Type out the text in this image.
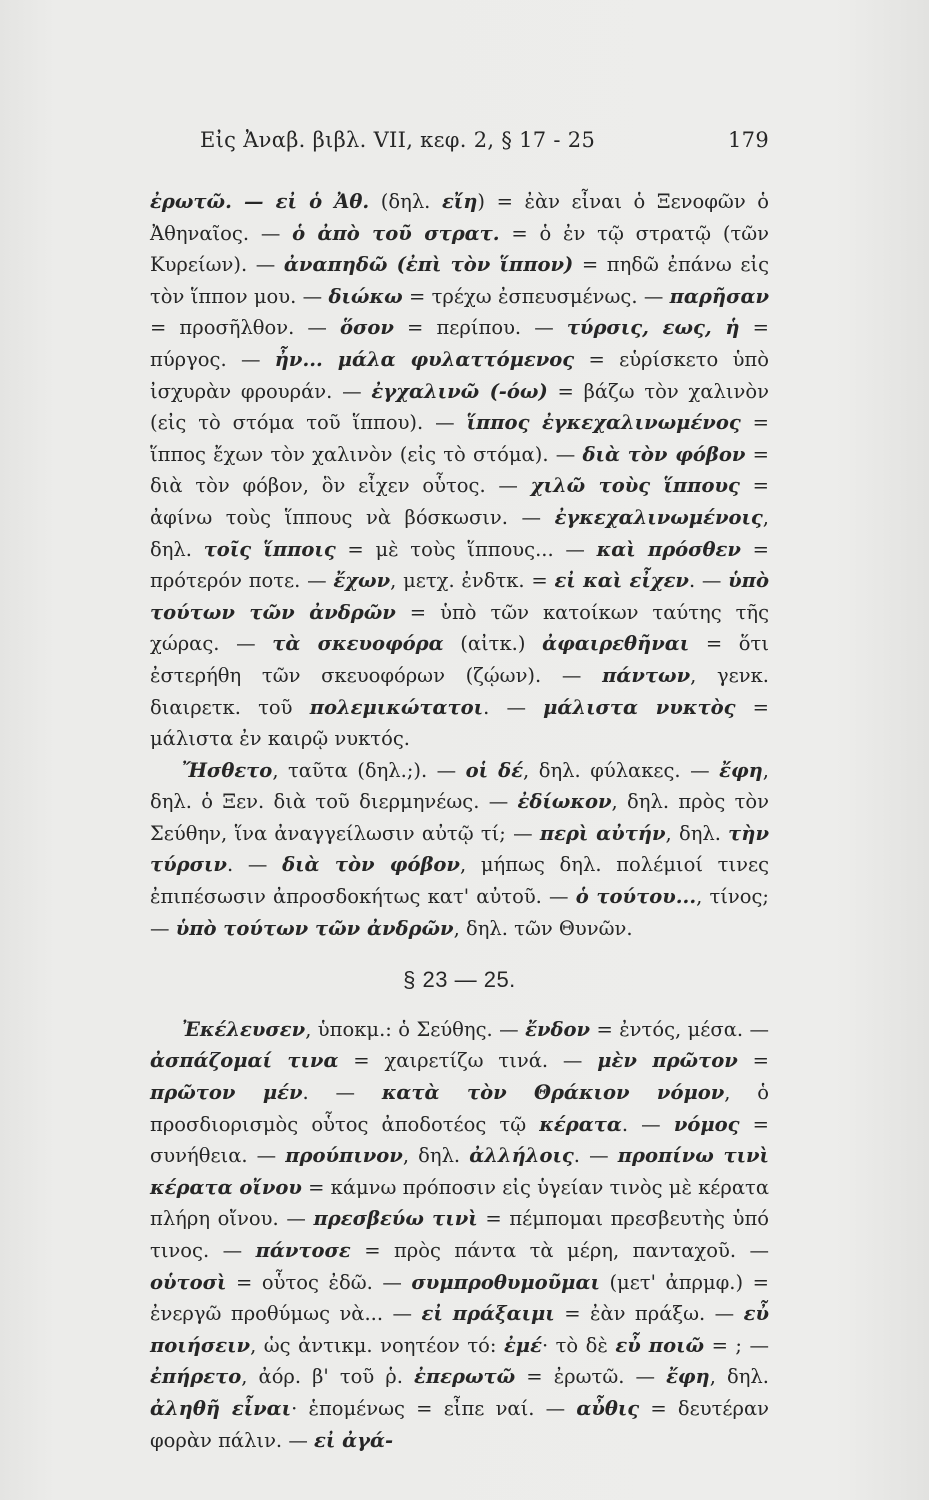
Εἰς Ἀναβ. βιβλ. VII, κεφ. 2, § 17 - 25	179

ἐρωτῶ. — εἰ ὁ Ἀθ. (δηλ. εἴη) = ἐὰν εἶναι ὁ Ξενοφῶν ὁ Ἀθηναῖος. — ὁ ἀπὸ τοῦ στρατ. = ὁ ἐν τῷ στρατῷ (τῶν Κυρείων). — ἀναπηδῶ (ἐπὶ τὸν ἵππον) = πηδῶ ἐπάνω εἰς τὸν ἵππον μου. — διώκω = τρέχω ἐσπευσμένως. — παρῆσαν = προσῆλθον. — ὅσον = περίπου. — τύρσις, εως, ἡ = πύργος. — ἦν... μάλα φυλαττόμενος = εὑρίσκετο ὑπὸ ἰσχυρὰν φρουράν. — ἐγχαλινῶ (-όω) = βάζω τὸν χαλινὸν (εἰς τὸ στόμα τοῦ ἵππου). — ἵππος ἐγκεχαλινωμένος = ἵππος ἔχων τὸν χαλινὸν (εἰς τὸ στόμα). — διὰ τὸν φόβον = διὰ τὸν φόβον, ὃν εἶχεν οὗτος. — χιλῶ τοὺς ἵππους = ἀφίνω τοὺς ἵππους νὰ βόσκωσιν. — ἐγκεχαλινωμένοις, δηλ. τοῖς ἵπποις = μὲ τοὺς ἵππους... — καὶ πρόσθεν = πρότερόν ποτε. — ἔχων, μετχ. ἐνδτκ. = εἰ καὶ εἶχεν. — ὑπὸ τούτων τῶν ἀνδρῶν = ὑπὸ τῶν κατοίκων ταύτης τῆς χώρας. — τὰ σκευοφόρα (αἰτκ.) ἀφαιρεθῆναι = ὅτι ἐστερήθη τῶν σκευοφόρων (ζῴων). — πάντων, γενκ. διαιρετκ. τοῦ πολεμικώτατοι. — μάλιστα νυκτὸς = μάλιστα ἐν καιρῷ νυκτός.

Ἤσθετο, ταῦτα (δηλ.;). — οἱ δέ, δηλ. φύλακες. — ἔφη, δηλ. ὁ Ξεν. διὰ τοῦ διερμηνέως. — ἐδίωκον, δηλ. πρὸς τὸν Σεύθην, ἵνα ἀναγγείλωσιν αὐτῷ τί; — περὶ αὐτήν, δηλ. τὴν τύρσιν. — διὰ τὸν φόβον, μήπως δηλ. πολέμιοί τινες ἐπιπέσωσιν ἀπροσδοκήτως κατ' αὐτοῦ. — ὁ τούτου..., τίνος; — ὑπὸ τούτων τῶν ἀνδρῶν, δηλ. τῶν Θυνῶν.

§ 23 — 25.

Ἐκέλευσεν, ὑποκμ.: ὁ Σεύθης. — ἔνδον = ἐντός, μέσα. — ἀσπάζομαί τινα = χαιρετίζω τινά. — μὲν πρῶτον = πρῶτον μέν. — κατὰ τὸν Θράκιον νόμον, ὁ προσδιορισμὸς οὗτος ἀποδοτέος τῷ κέρατα. — νόμος = συνήθεια. — προύπινον, δηλ. ἀλλήλοις. — προπίνω τινὶ κέρατα οἴνου = κάμνω πρόποσιν εἰς ὑγείαν τινὸς μὲ κέρατα πλήρη οἴνου. — πρεσβεύω τινὶ = πέμπομαι πρεσβευτὴς ὑπό τινος. — πάντοσε = πρὸς πάντα τὰ μέρη, πανταχοῦ. — οὑτοσὶ = οὗτος ἐδῶ. — συμπροθυμοῦμαι (μετ' ἀπρμφ.) = ἐνεργῶ προθύμως νὰ... — εἰ πράξαιμι = ἐὰν πράξω. — εὖ ποιήσειν, ὡς ἀντικμ. νοητέον τό: ἐμέ· τὸ δὲ εὖ ποιῶ = ; — ἐπήρετο, ἀόρ. β' τοῦ ῥ. ἐπερωτῶ = ἐρωτῶ. — ἔφη, δηλ. ἀληθῆ εἶναι· ἑπομένως = εἶπε ναί. — αὖθις = δευτέραν φορὰν πάλιν. — εἰ ἀγά-
